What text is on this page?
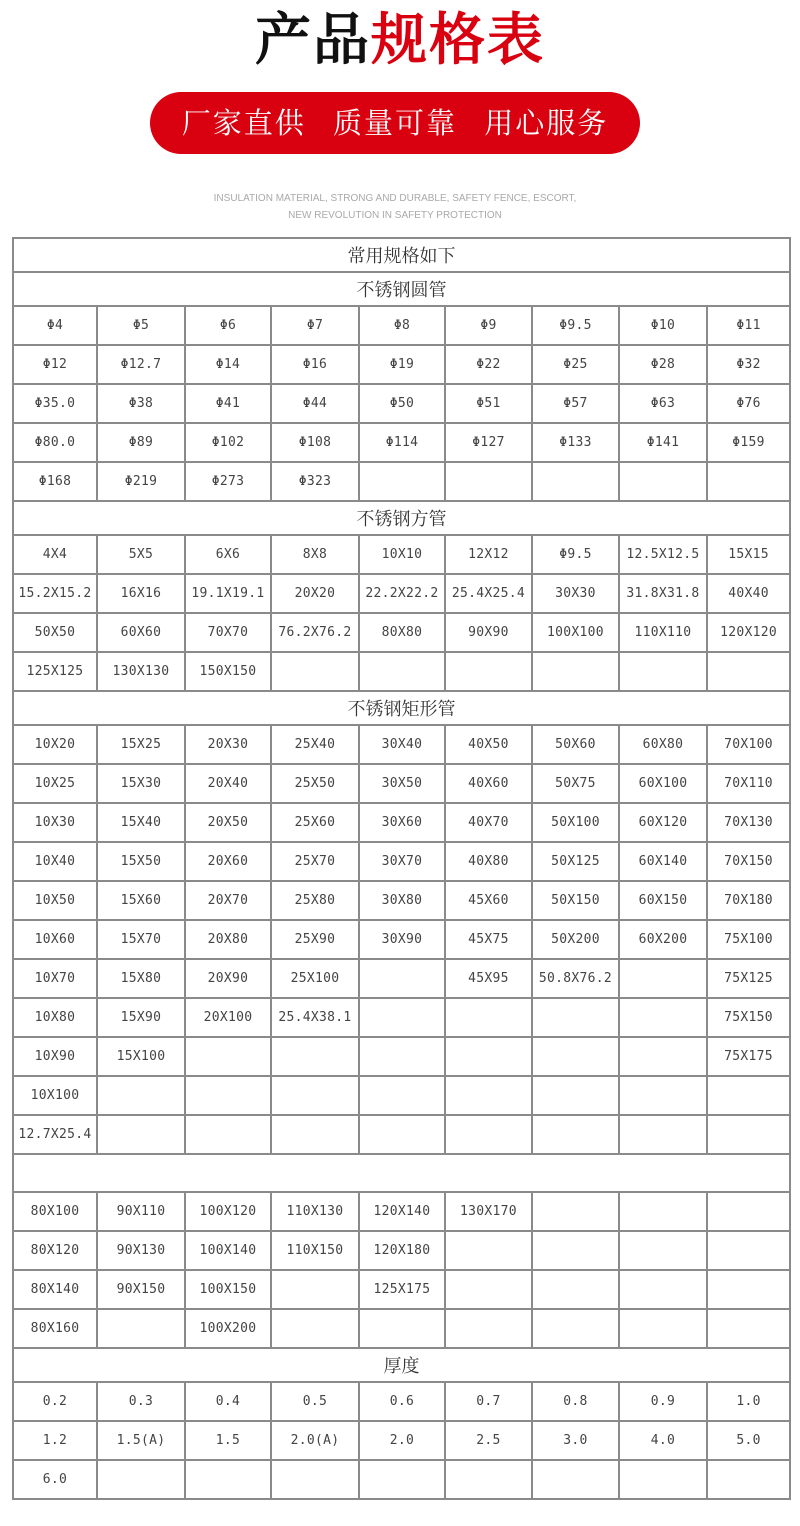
产品规格表
厂家直供 质量可靠 用心服务
INSULATION MATERIAL, STRONG AND DURABLE, SAFETY FENCE, ESCORT,
NEW REVOLUTION IN SAFETY PROTECTION
常用规格如下								
不锈钢圆管								
Φ4	Φ5	Φ6	Φ7	Φ8	Φ9	Φ9.5	Φ10	Φ11
Φ12	Φ12.7	Φ14	Φ16	Φ19	Φ22	Φ25	Φ28	Φ32
Φ35.0	Φ38	Φ41	Φ44	Φ50	Φ51	Φ57	Φ63	Φ76
Φ80.0	Φ89	Φ102	Φ108	Φ114	Φ127	Φ133	Φ141	Φ159
Φ168	Φ219	Φ273	Φ323					
不锈钢方管								
4X4	5X5	6X6	8X8	10X10	12X12	Φ9.5	12.5X12.5	15X15
15.2X15.2	16X16	19.1X19.1	20X20	22.2X22.2	25.4X25.4	30X30	31.8X31.8	40X40
50X50	60X60	70X70	76.2X76.2	80X80	90X90	100X100	110X110	120X120
125X125	130X130	150X150						
不锈钢矩形管								
10X20	15X25	20X30	25X40	30X40	40X50	50X60	60X80	70X100
10X25	15X30	20X40	25X50	30X50	40X60	50X75	60X100	70X110
10X30	15X40	20X50	25X60	30X60	40X70	50X100	60X120	70X130
10X40	15X50	20X60	25X70	30X70	40X80	50X125	60X140	70X150
10X50	15X60	20X70	25X80	30X80	45X60	50X150	60X150	70X180
10X60	15X70	20X80	25X90	30X90	45X75	50X200	60X200	75X100
10X70	15X80	20X90	25X100		45X95	50.8X76.2		75X125
10X80	15X90	20X100	25.4X38.1					75X150
10X90	15X100							75X175
10X100								
12.7X25.4								

80X100	90X110	100X120	110X130	120X140	130X170			
80X120	90X130	100X140	110X150	120X180				
80X140	90X150	100X150		125X175				
80X160		100X200						
厚度								
0.2	0.3	0.4	0.5	0.6	0.7	0.8	0.9	1.0
1.2	1.5(A)	1.5	2.0(A)	2.0	2.5	3.0	4.0	5.0
6.0								
